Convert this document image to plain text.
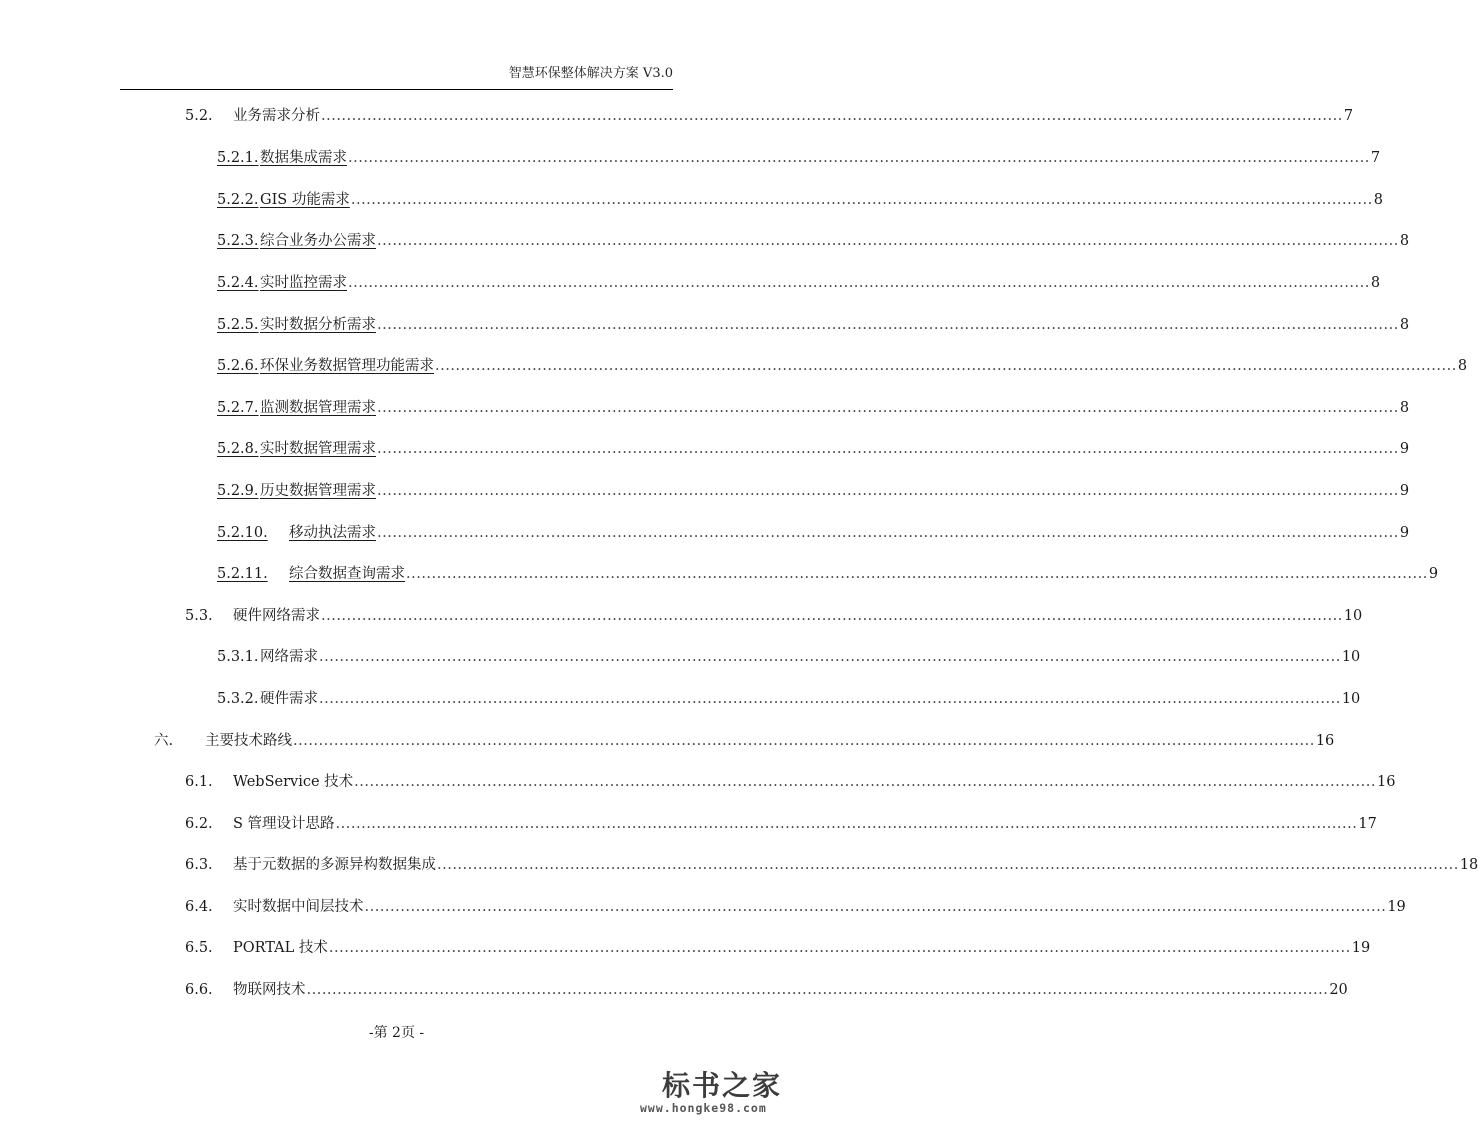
智慧环保整体解决方案 V3.0
5.2.	业务需求分析 ........................................................................................................................................................................................................ 7
5.2.1. 数据集成需求 ........................................................................................................................................................................................................ 7
5.2.2. GIS 功能需求 ........................................................................................................................................................................................................ 8
5.2.3. 综合业务办公需求 ........................................................................................................................................................................................................ 8
5.2.4. 实时监控需求 ........................................................................................................................................................................................................ 8
5.2.5. 实时数据分析需求 ........................................................................................................................................................................................................ 8
5.2.6. 环保业务数据管理功能需求 ........................................................................................................................................................................................................ 8
5.2.7. 监测数据管理需求 ........................................................................................................................................................................................................ 8
5.2.8. 实时数据管理需求 ........................................................................................................................................................................................................ 9
5.2.9. 历史数据管理需求 ........................................................................................................................................................................................................ 9
5.2.10. 移动执法需求 ........................................................................................................................................................................................................ 9
5.2.11. 综合数据查询需求 ........................................................................................................................................................................................................ 9
5.3.	硬件网络需求 ........................................................................................................................................................................................................ 10
5.3.1. 网络需求 ........................................................................................................................................................................................................ 10
5.3.2. 硬件需求 ........................................................................................................................................................................................................ 10
六.	主要技术路线 ........................................................................................................................................................................................................ 16
6.1.	WebService 技术 ........................................................................................................................................................................................................ 16
6.2.	S 管理设计思路 ........................................................................................................................................................................................................ 17
6.3.	基于元数据的多源异构数据集成 ........................................................................................................................................................................................................ 18
6.4.	实时数据中间层技术 ........................................................................................................................................................................................................ 19
6.5.	PORTAL 技术 ........................................................................................................................................................................................................ 19
6.6.	物联网技术 ........................................................................................................................................................................................................ 20
-第 2页 -
标书之家
www.hongke98.com
